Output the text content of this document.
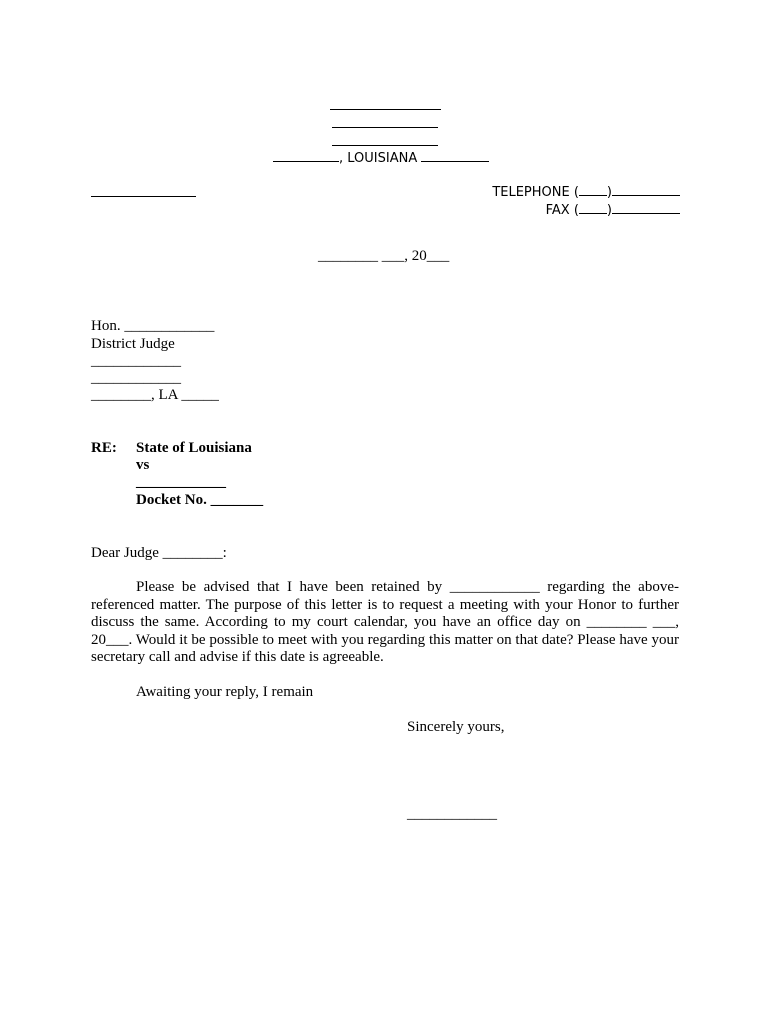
, LOUISIANA
TELEPHONE ( )
FAX ( )
________ ___, 20___
Hon. ____________
District Judge
____________
____________
________, LA _____
RE: State of Louisiana
vs
____________
Docket No. _______
Dear Judge ________:
Please be advised that I have been retained by ____________ regarding the above-referenced matter. The purpose of this letter is to request a meeting with your Honor to further discuss the same. According to my court calendar, you have an office day on ________ ___, 20___. Would it be possible to meet with you regarding this matter on that date? Please have your secretary call and advise if this date is agreeable.
Awaiting your reply, I remain
Sincerely yours,
____________
